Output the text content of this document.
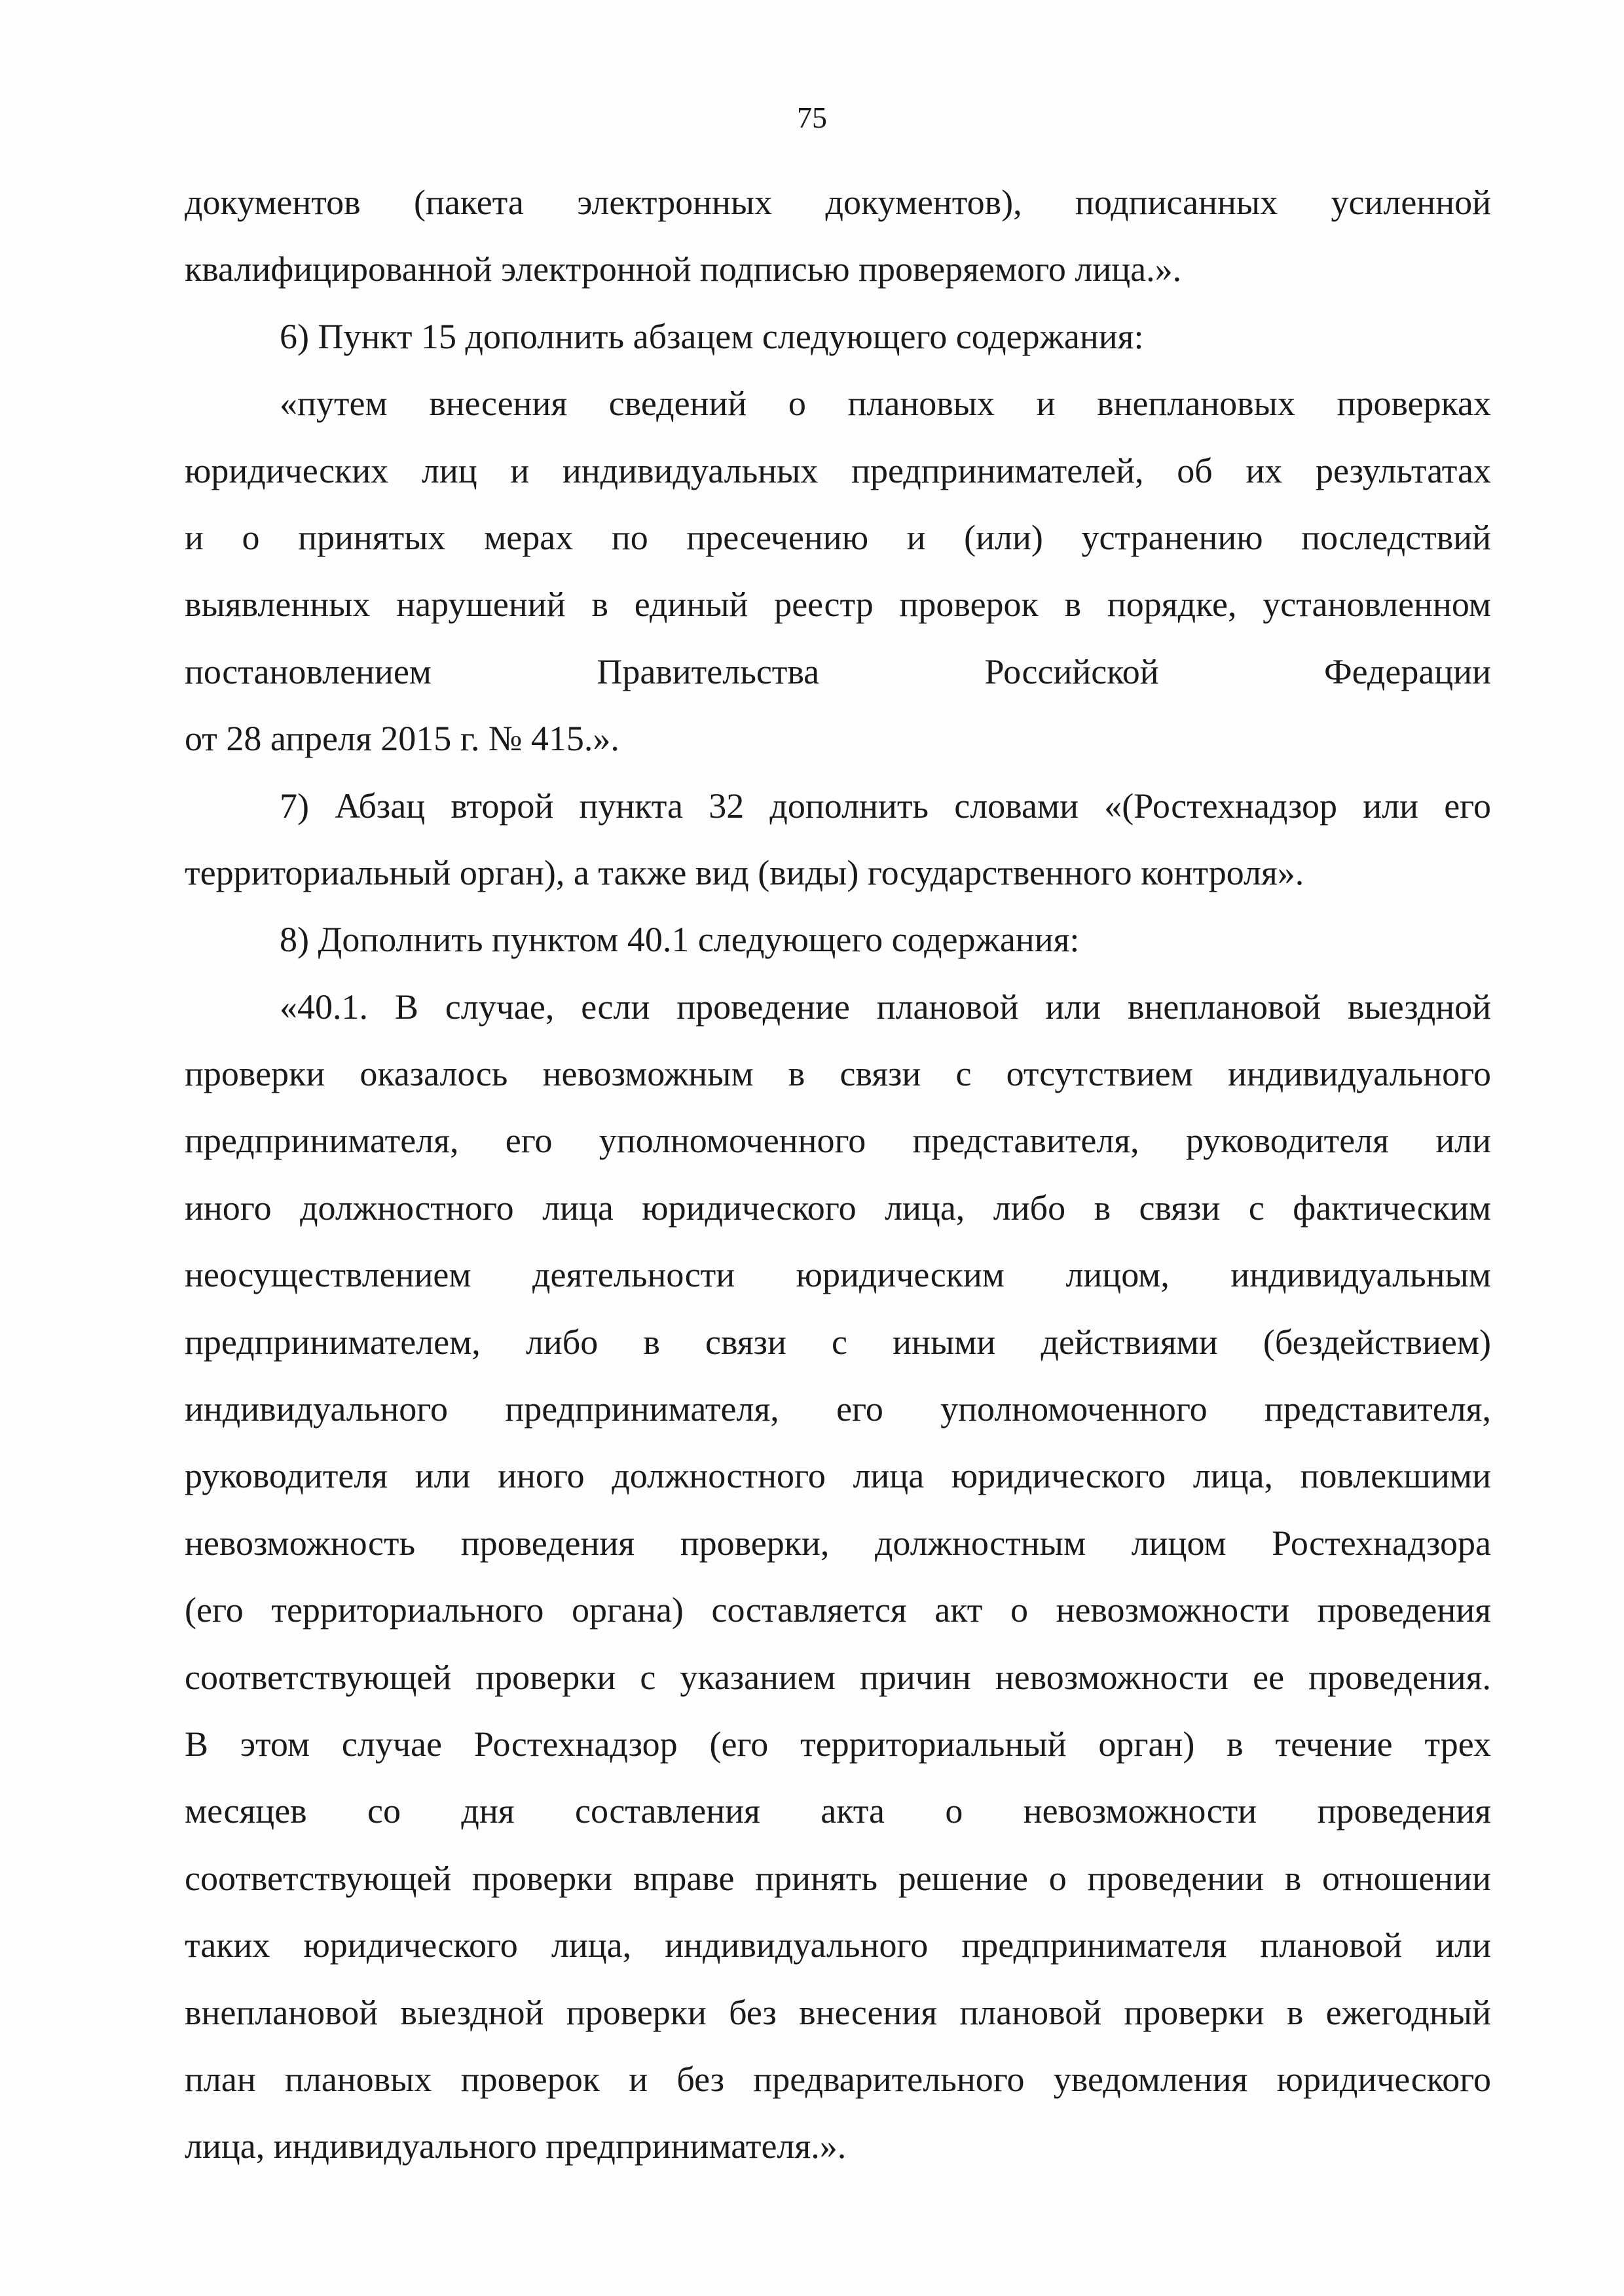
75
документов (пакета электронных документов), подписанных усиленной
квалифицированной электронной подписью проверяемого лица.».
6) Пункт 15 дополнить абзацем следующего содержания:
«путем внесения сведений о плановых и внеплановых проверках
юридических лиц и индивидуальных предпринимателей, об их результатах
и о принятых мерах по пресечению и (или) устранению последствий
выявленных нарушений в единый реестр проверок в порядке, установленном
постановлением Правительства Российской Федерации
от 28 апреля 2015 г. № 415.».
7) Абзац второй пункта 32 дополнить словами «(Ростехнадзор или его
территориальный орган), а также вид (виды) государственного контроля».
8) Дополнить пунктом 40.1 следующего содержания:
«40.1. В случае, если проведение плановой или внеплановой выездной
проверки оказалось невозможным в связи с отсутствием индивидуального
предпринимателя, его уполномоченного представителя, руководителя или
иного должностного лица юридического лица, либо в связи с фактическим
неосуществлением деятельности юридическим лицом, индивидуальным
предпринимателем, либо в связи с иными действиями (бездействием)
индивидуального предпринимателя, его уполномоченного представителя,
руководителя или иного должностного лица юридического лица, повлекшими
невозможность проведения проверки, должностным лицом Ростехнадзора
(его территориального органа) составляется акт о невозможности проведения
соответствующей проверки с указанием причин невозможности ее проведения.
В этом случае Ростехнадзор (его территориальный орган) в течение трех
месяцев со дня составления акта о невозможности проведения
соответствующей проверки вправе принять решение о проведении в отношении
таких юридического лица, индивидуального предпринимателя плановой или
внеплановой выездной проверки без внесения плановой проверки в ежегодный
план плановых проверок и без предварительного уведомления юридического
лица, индивидуального предпринимателя.».
